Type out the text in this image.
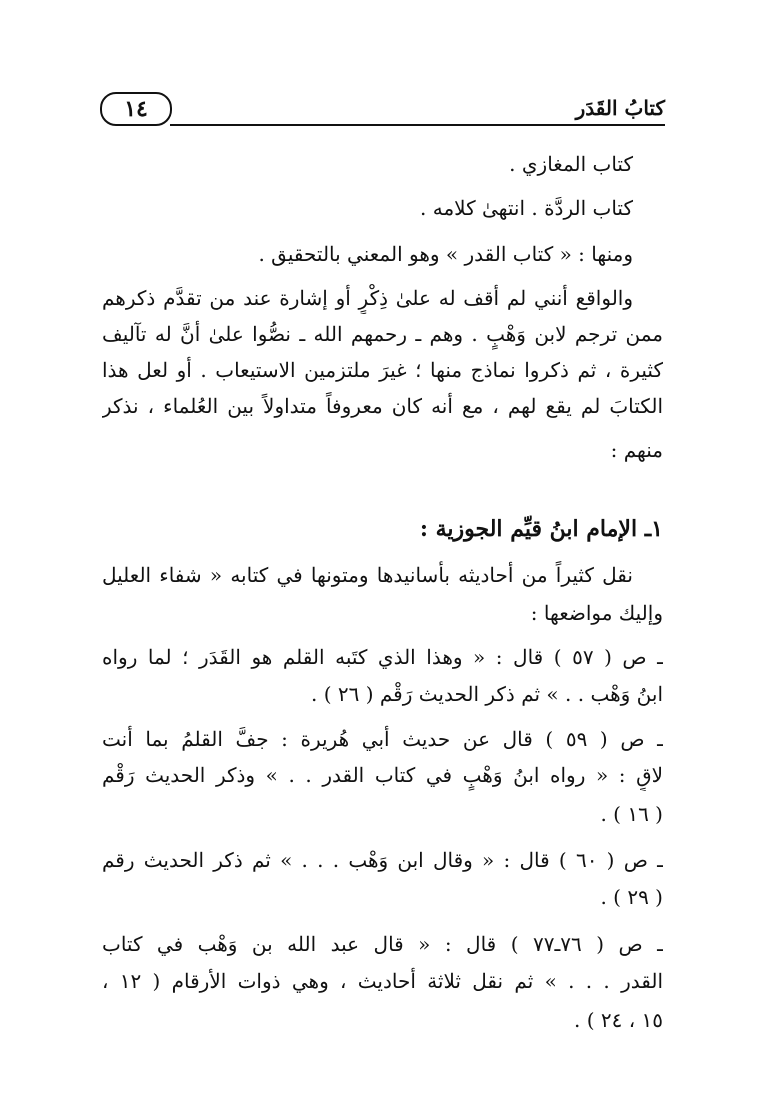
١٤	كتابُ القَدَر
كتاب المغازي .
كتاب الردَّة . انتهىٰ كلامه .
ومنها : « كتاب القدر » وهو المعني بالتحقيق .
والواقع أنني لم أقف له علىٰ ذِكْرٍ أو إشارة عند من تقدَّم ذكرهم
ممن ترجم لابن وَهْبٍ . وهم ـ رحمهم الله ـ نصُّوا علىٰ أنَّ له تآليف
كثيرة ، ثم ذكروا نماذج منها ؛ غيرَ ملتزمين الاستيعاب . أو لعل هذا
الكتابَ لم يقع لهم ، مع أنه كان معروفاً متداولاً بين العُلماء ، نذكر
منهم :
١ـ الإمام ابنُ قيِّم الجوزية :
نقل كثيراً من أحاديثه بأسانيدها ومتونها في كتابه « شفاء العليل
وإليك مواضعها :
ـ ص ( ٥٧ ) قال : « وهذا الذي كتَبه القلم هو القَدَر ؛ لما رواه
ابنُ وَهْب . . » ثم ذكر الحديث رَقْم ( ٢٦ ) .
ـ ص ( ٥٩ ) قال عن حديث أبي هُريرة : جفَّ القلمُ بما أنت
لاقٍ : « رواه ابنُ وَهْبٍ في كتاب القدر . . » وذكر الحديث رَقْم
( ١٦ ) .
ـ ص ( ٦٠ ) قال : « وقال ابن وَهْب . . . » ثم ذكر الحديث رقم
( ٢٩ ) .
ـ ص ( ٧٦ـ٧٧ ) قال : « قال عبد الله بن وَهْب في كتاب
القدر . . . » ثم نقل ثلاثة أحاديث ، وهي ذوات الأرقام ( ١٢ ،
١٥ ، ٢٤ ) .
